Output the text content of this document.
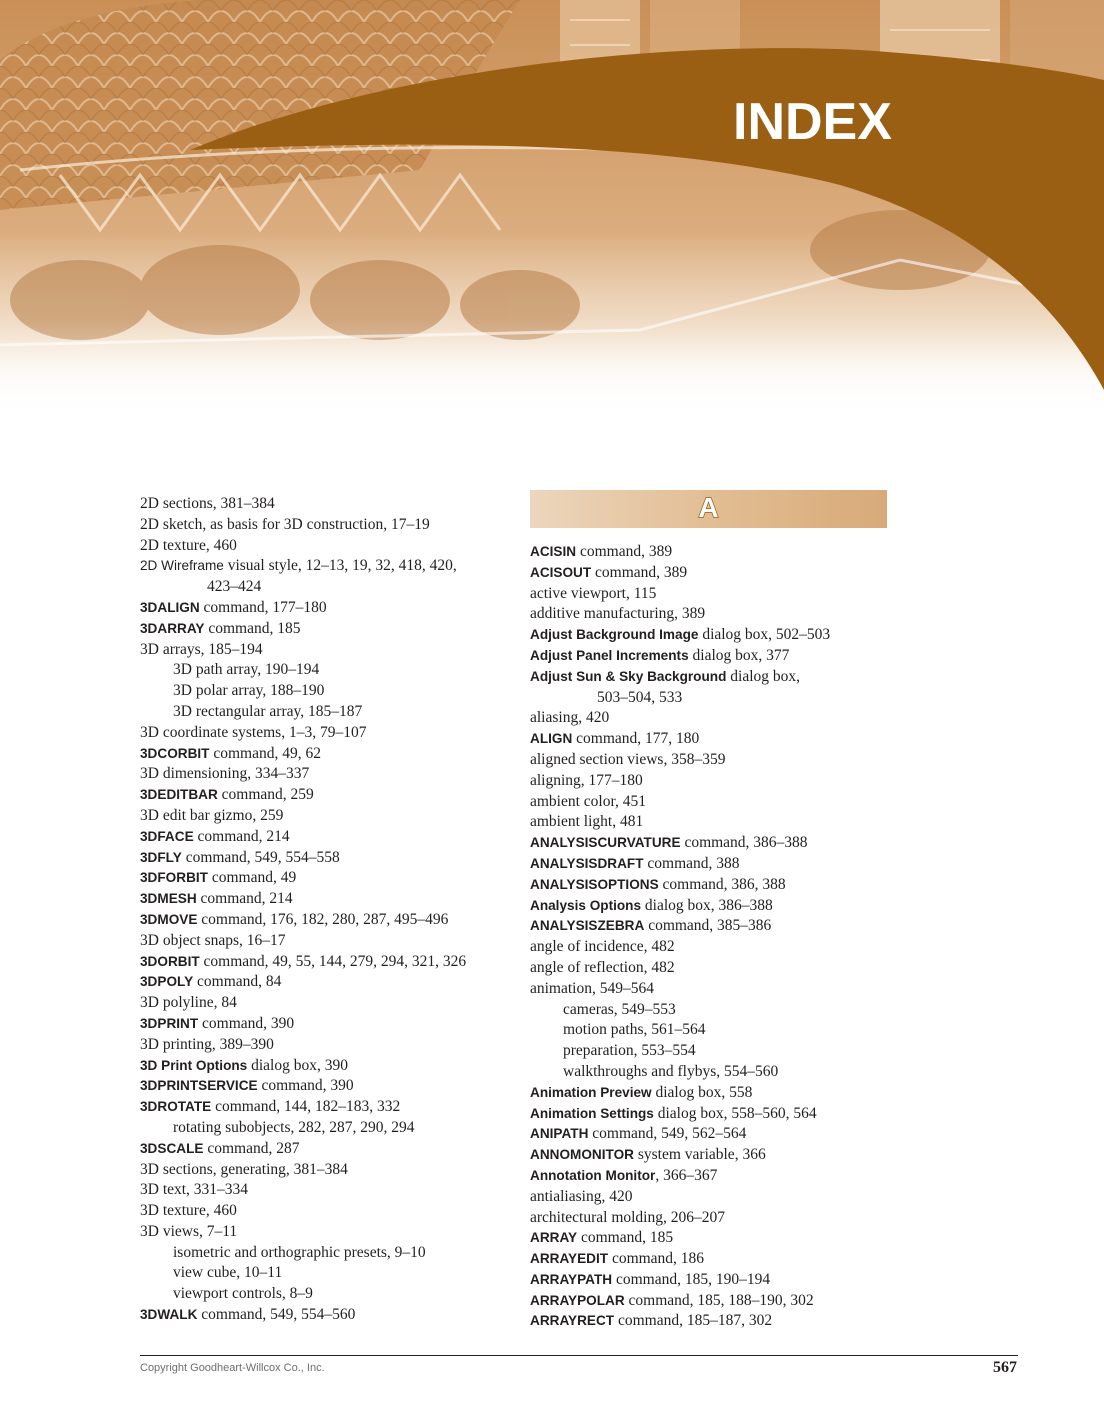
INDEX
2D sections, 381–384
2D sketch, as basis for 3D construction, 17–19
2D texture, 460
2D Wireframe visual style, 12–13, 19, 32, 418, 420,
423–424
3DALIGN command, 177–180
3DARRAY command, 185
3D arrays, 185–194
3D path array, 190–194
3D polar array, 188–190
3D rectangular array, 185–187
3D coordinate systems, 1–3, 79–107
3DCORBIT command, 49, 62
3D dimensioning, 334–337
3DEDITBAR command, 259
3D edit bar gizmo, 259
3DFACE command, 214
3DFLY command, 549, 554–558
3DFORBIT command, 49
3DMESH command, 214
3DMOVE command, 176, 182, 280, 287, 495–496
3D object snaps, 16–17
3DORBIT command, 49, 55, 144, 279, 294, 321, 326
3DPOLY command, 84
3D polyline, 84
3DPRINT command, 390
3D printing, 389–390
3D Print Options dialog box, 390
3DPRINTSERVICE command, 390
3DROTATE command, 144, 182–183, 332
rotating subobjects, 282, 287, 290, 294
3DSCALE command, 287
3D sections, generating, 381–384
3D text, 331–334
3D texture, 460
3D views, 7–11
isometric and orthographic presets, 9–10
view cube, 10–11
viewport controls, 8–9
3DWALK command, 549, 554–560
A
ACISIN command, 389
ACISOUT command, 389
active viewport, 115
additive manufacturing, 389
Adjust Background Image dialog box, 502–503
Adjust Panel Increments dialog box, 377
Adjust Sun & Sky Background dialog box,
503–504, 533
aliasing, 420
ALIGN command, 177, 180
aligned section views, 358–359
aligning, 177–180
ambient color, 451
ambient light, 481
ANALYSISCURVATURE command, 386–388
ANALYSISDRAFT command, 388
ANALYSISOPTIONS command, 386, 388
Analysis Options dialog box, 386–388
ANALYSISZEBRA command, 385–386
angle of incidence, 482
angle of reflection, 482
animation, 549–564
cameras, 549–553
motion paths, 561–564
preparation, 553–554
walkthroughs and flybys, 554–560
Animation Preview dialog box, 558
Animation Settings dialog box, 558–560, 564
ANIPATH command, 549, 562–564
ANNOMONITOR system variable, 366
Annotation Monitor, 366–367
antialiasing, 420
architectural molding, 206–207
ARRAY command, 185
ARRAYEDIT command, 186
ARRAYPATH command, 185, 190–194
ARRAYPOLAR command, 185, 188–190, 302
ARRAYRECT command, 185–187, 302
Copyright Goodheart-Willcox Co., Inc.	567
